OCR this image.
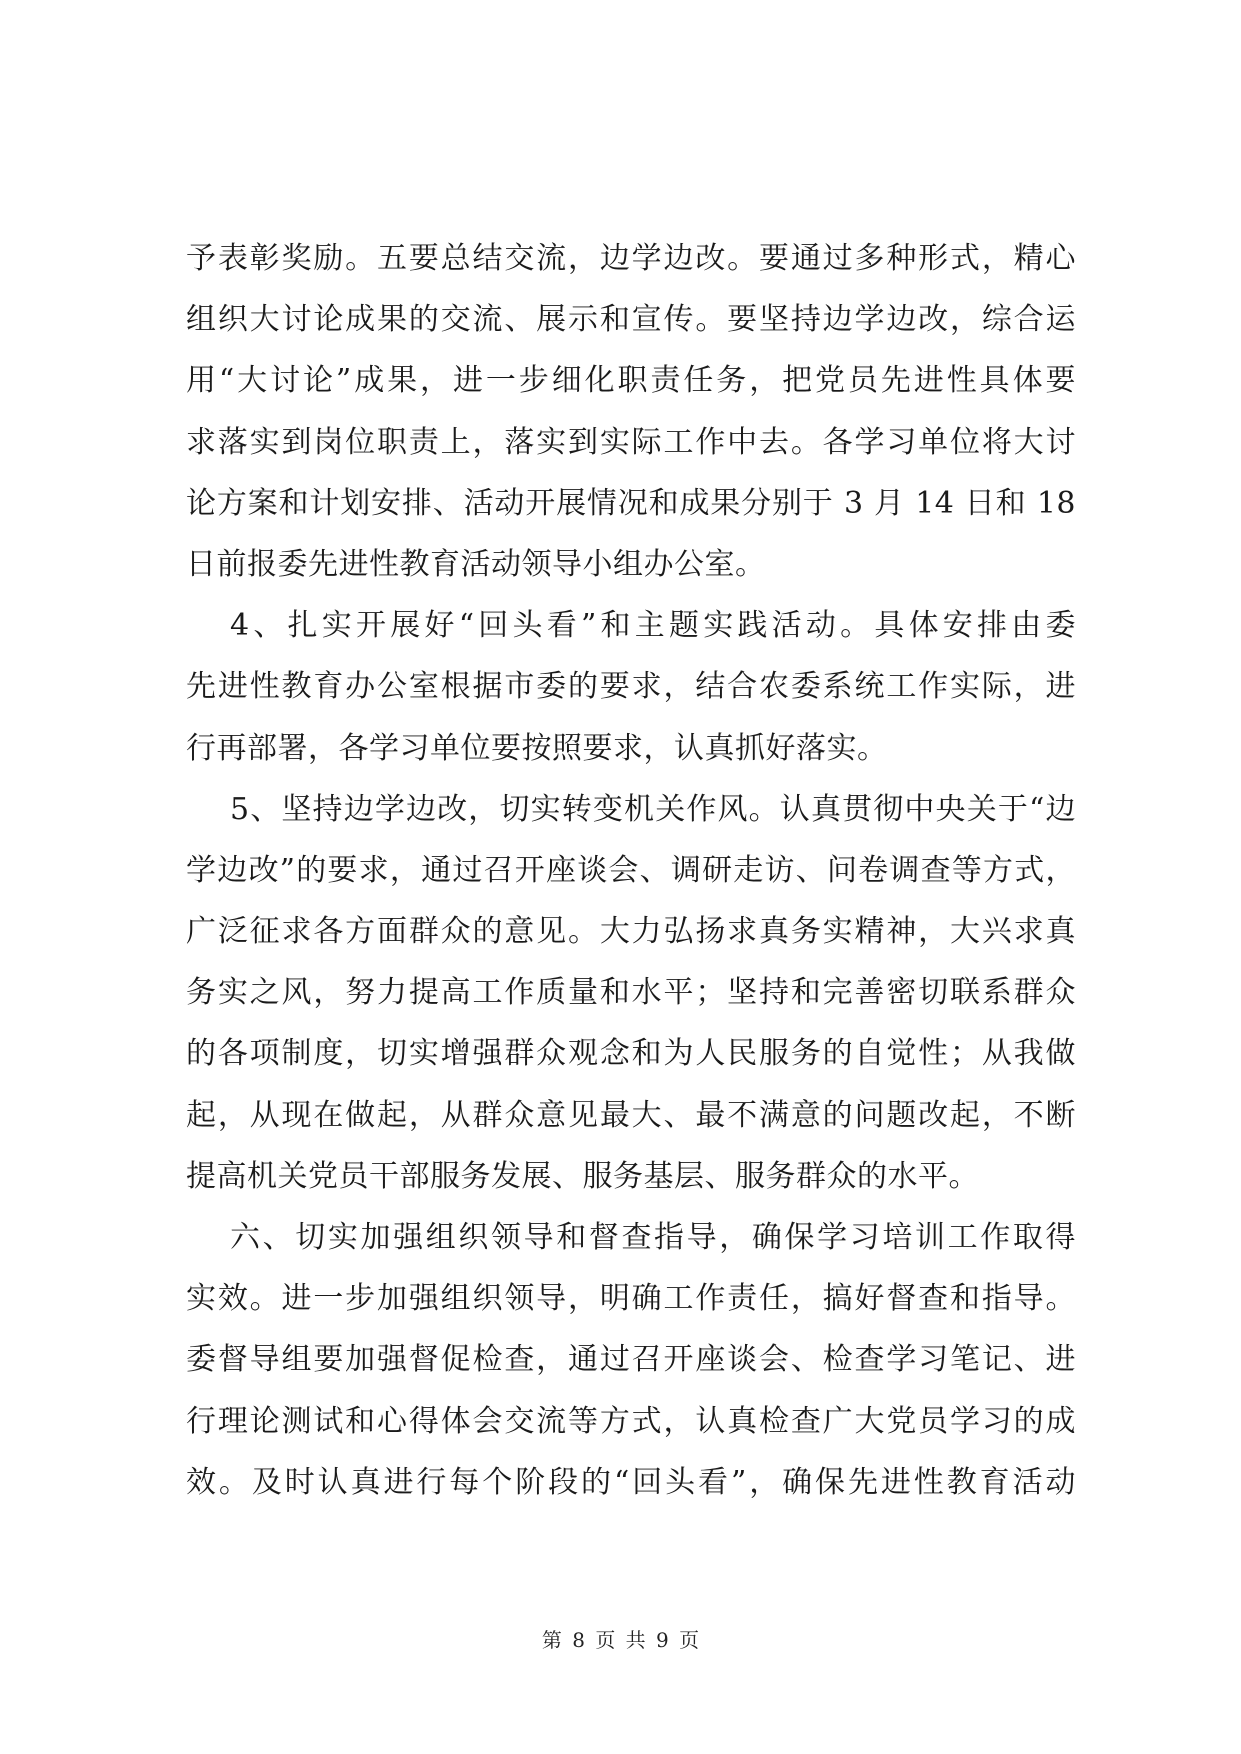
予表彰奖励。五要总结交流，边学边改。要通过多种形式，精心
组织大讨论成果的交流、展示和宣传。要坚持边学边改，综合运
用“大讨论”成果，进一步细化职责任务，把党员先进性具体要
求落实到岗位职责上，落实到实际工作中去。各学习单位将大讨
论方案和计划安排、活动开展情况和成果分别于 3 月 14 日和 18
日前报委先进性教育活动领导小组办公室。
4、扎实开展好“回头看”和主题实践活动。具体安排由委
先进性教育办公室根据市委的要求，结合农委系统工作实际，进
行再部署，各学习单位要按照要求，认真抓好落实。
5、坚持边学边改，切实转变机关作风。认真贯彻中央关于“边
学边改”的要求，通过召开座谈会、调研走访、问卷调查等方式，
广泛征求各方面群众的意见。大力弘扬求真务实精神，大兴求真
务实之风，努力提高工作质量和水平；坚持和完善密切联系群众
的各项制度，切实增强群众观念和为人民服务的自觉性；从我做
起，从现在做起，从群众意见最大、最不满意的问题改起，不断
提高机关党员干部服务发展、服务基层、服务群众的水平。
六、切实加强组织领导和督查指导，确保学习培训工作取得
实效。进一步加强组织领导，明确工作责任，搞好督查和指导。
委督导组要加强督促检查，通过召开座谈会、检查学习笔记、进
行理论测试和心得体会交流等方式，认真检查广大党员学习的成
效。及时认真进行每个阶段的“回头看”，确保先进性教育活动
第 8 页 共 9 页
